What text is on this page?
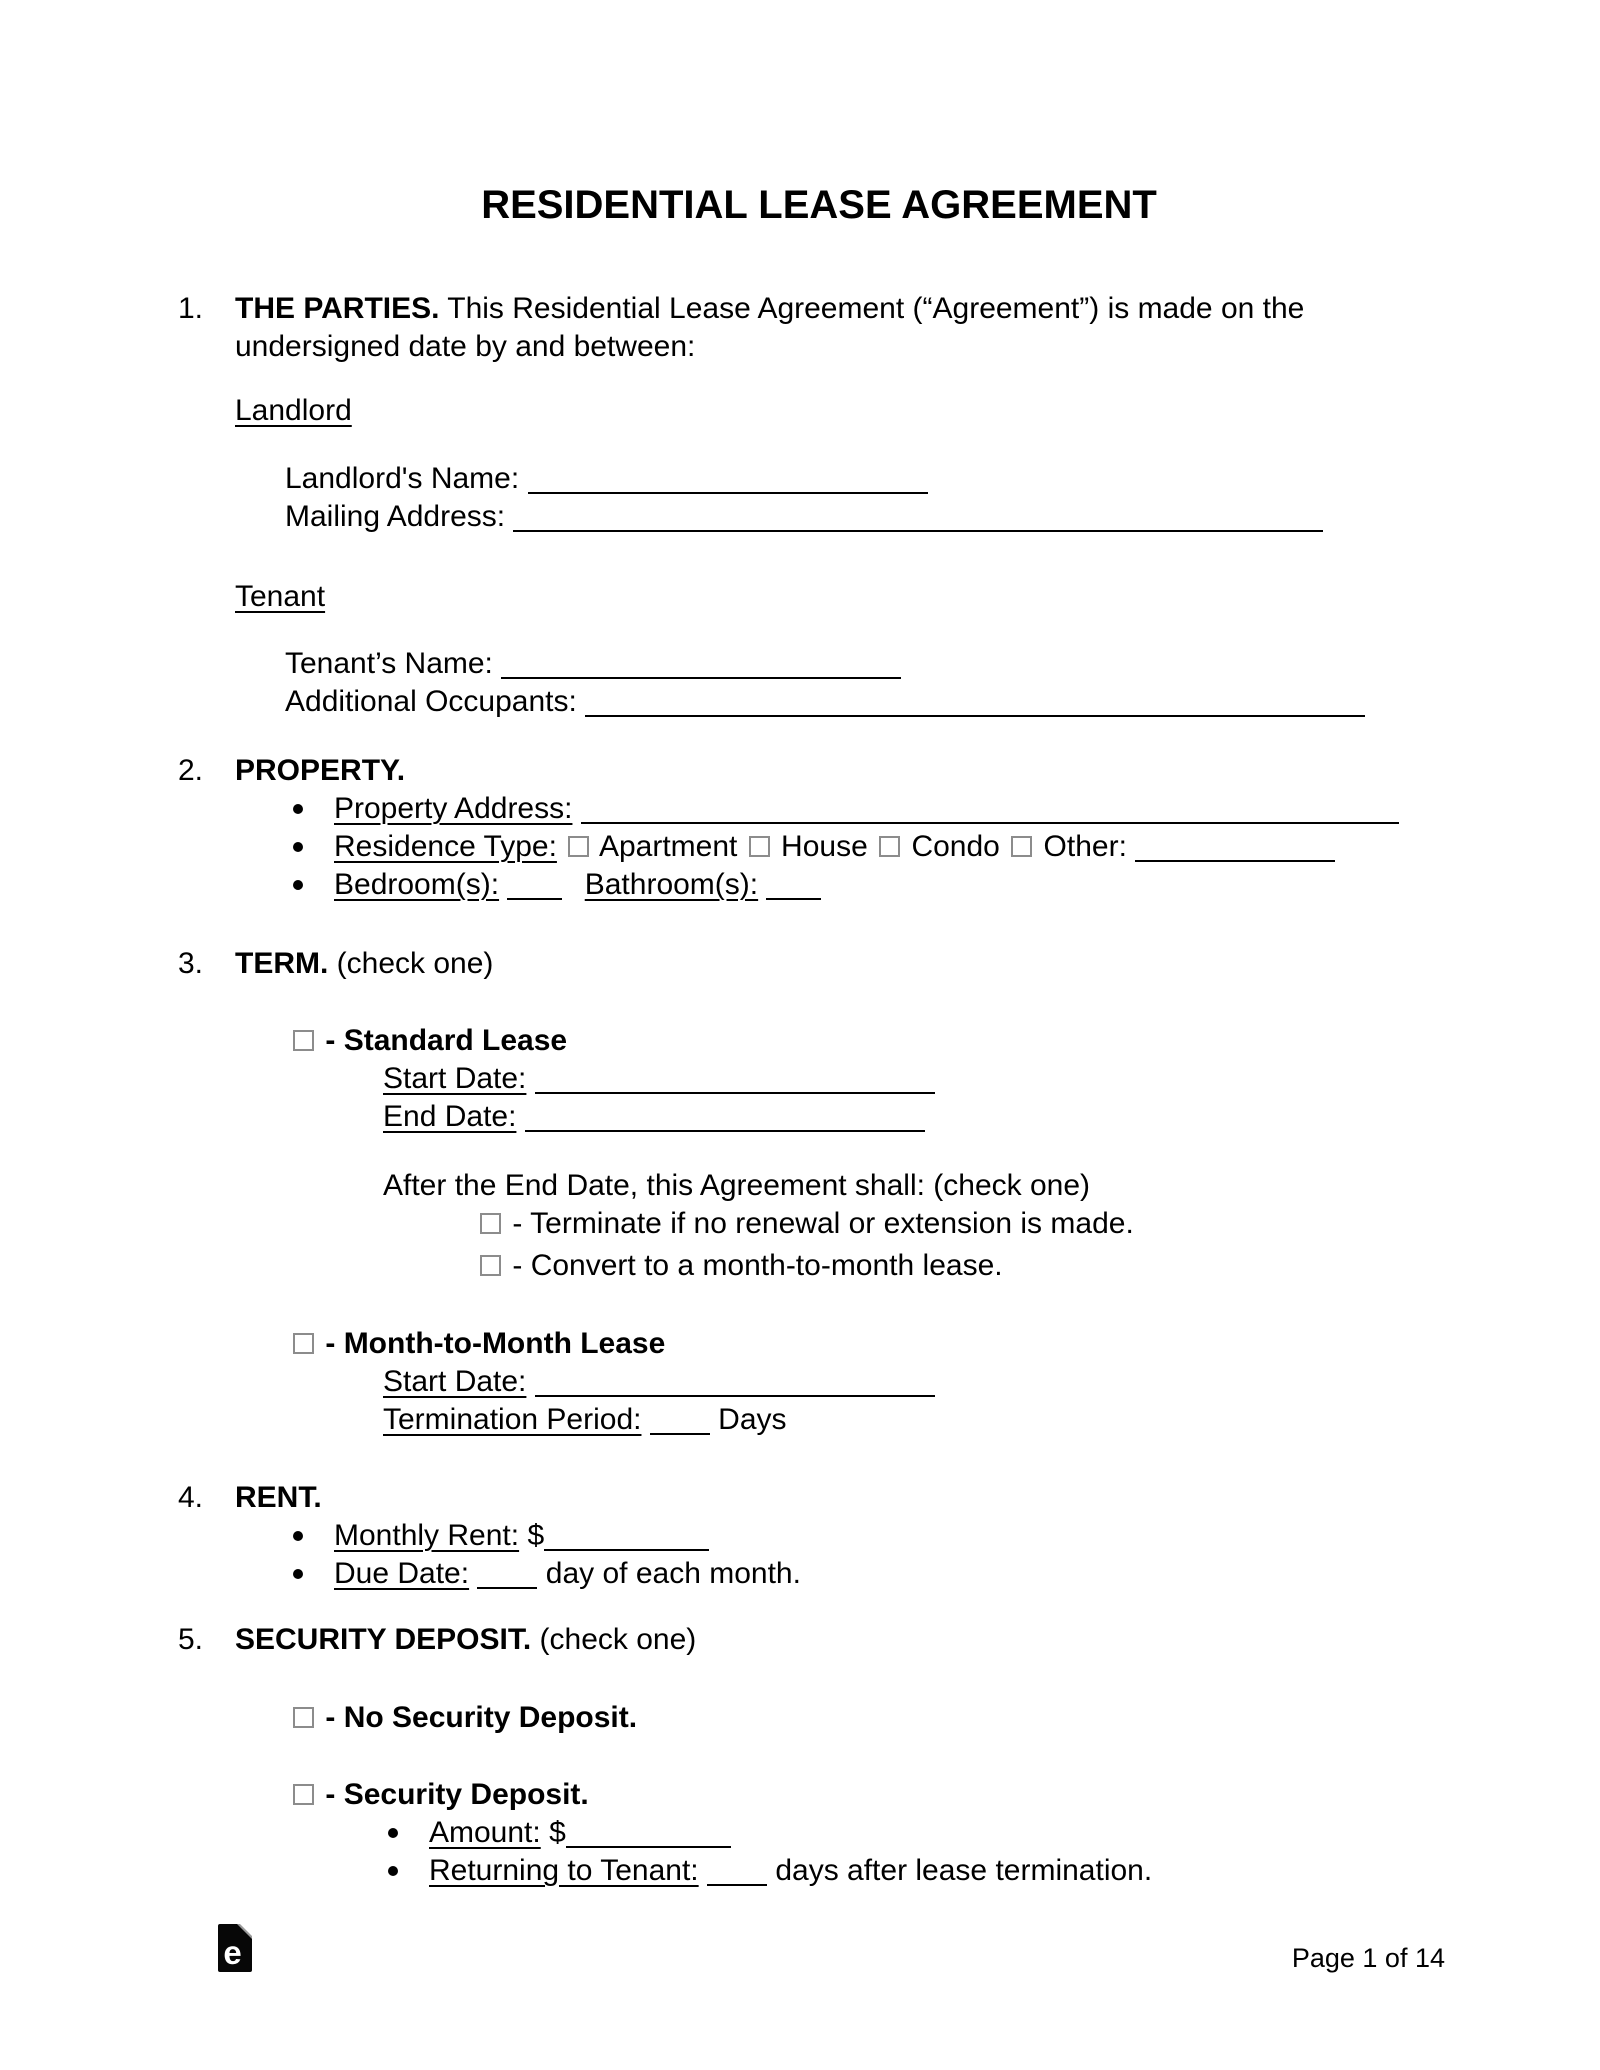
RESIDENTIAL LEASE AGREEMENT
1.	THE PARTIES. This Residential Lease Agreement (“Agreement”) is made on the undersigned date by and between:
Landlord
Landlord's Name:
Mailing Address:
Tenant
Tenant’s Name:
Additional Occupants:
2.	PROPERTY.
Property Address:
Residence Type: Apartment House Condo Other:
Bedroom(s):	Bathroom(s):
3.	TERM. (check one)
- Standard Lease
Start Date:
End Date:
After the End Date, this Agreement shall: (check one)
- Terminate if no renewal or extension is made.
- Convert to a month-to-month lease.
- Month-to-Month Lease
Start Date:
Termination Period:	Days
4.	RENT.
Monthly Rent: $
Due Date:	day of each month.
5.	SECURITY DEPOSIT. (check one)
- No Security Deposit.
- Security Deposit.
Amount: $
Returning to Tenant:	days after lease termination.
e	Page 1 of 14
